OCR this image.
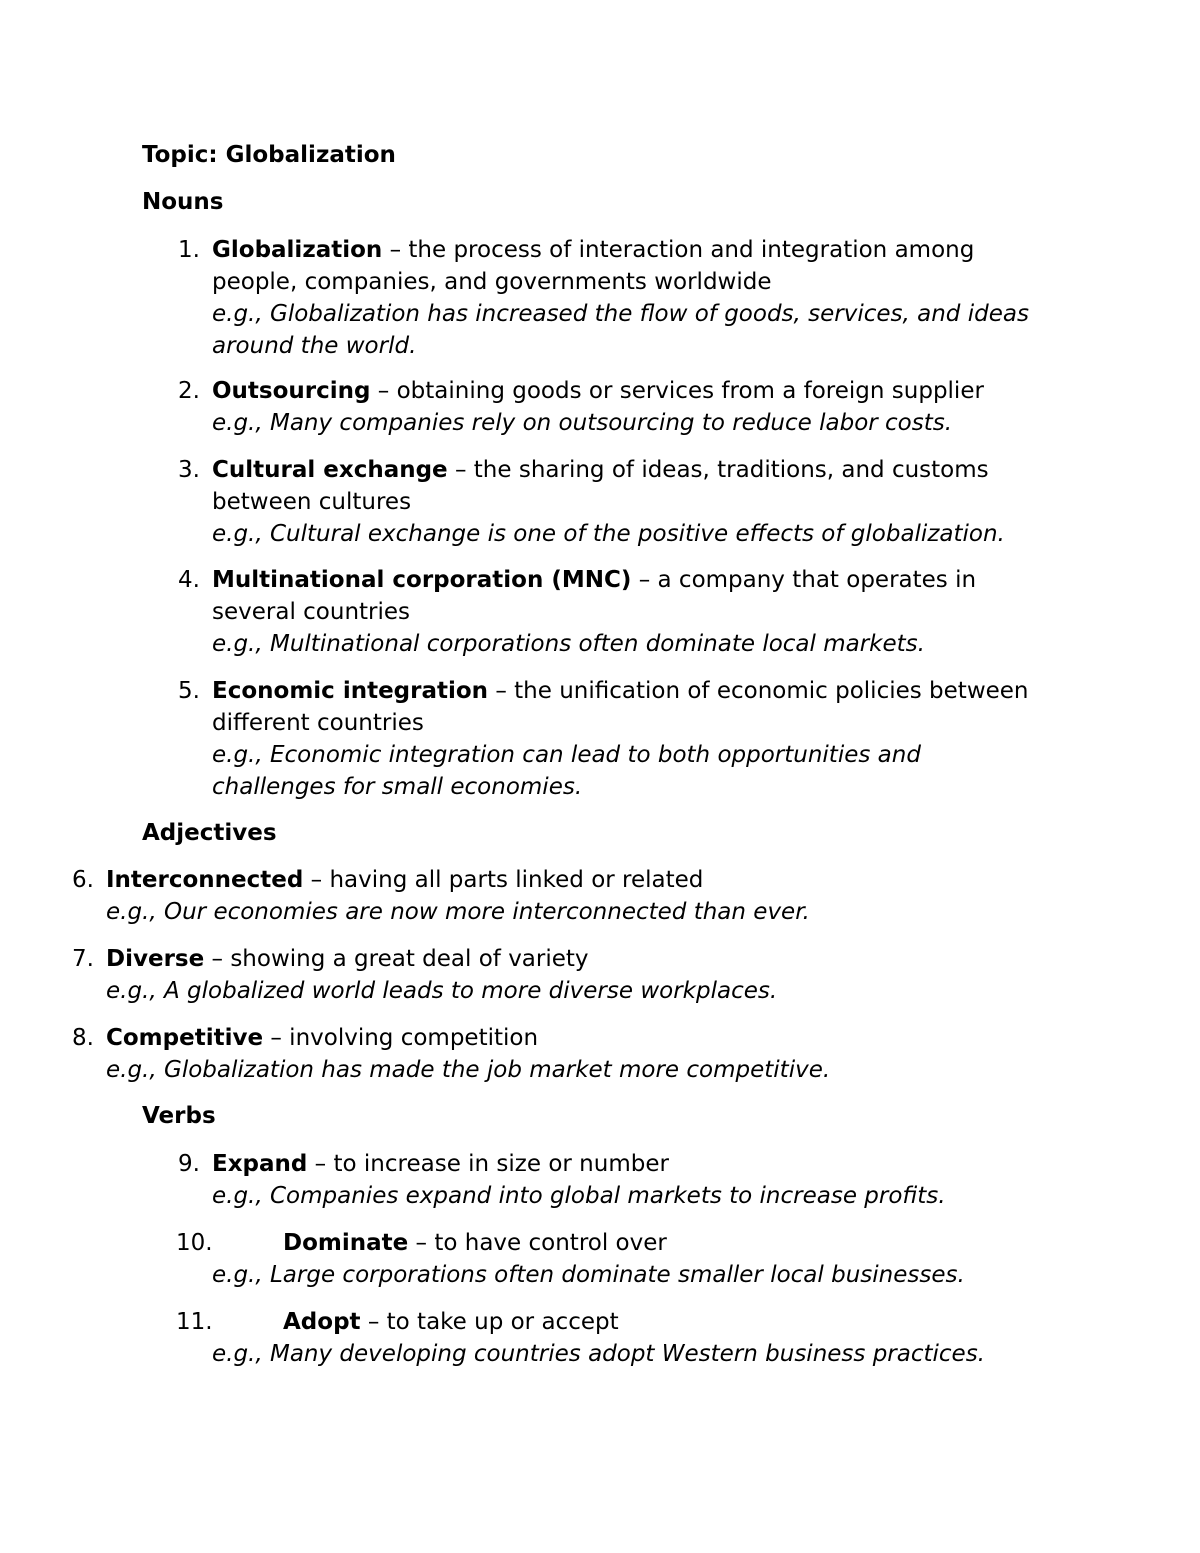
Topic: Globalization

Nouns

1. Globalization – the process of interaction and integration among
people, companies, and governments worldwide
e.g., Globalization has increased the flow of goods, services, and ideas
around the world.
2. Outsourcing – obtaining goods or services from a foreign supplier
e.g., Many companies rely on outsourcing to reduce labor costs.
3. Cultural exchange – the sharing of ideas, traditions, and customs
between cultures
e.g., Cultural exchange is one of the positive effects of globalization.
4. Multinational corporation (MNC) – a company that operates in
several countries
e.g., Multinational corporations often dominate local markets.
5. Economic integration – the unification of economic policies between
different countries
e.g., Economic integration can lead to both opportunities and
challenges for small economies.

Adjectives

6. Interconnected – having all parts linked or related
e.g., Our economies are now more interconnected than ever.
7. Diverse – showing a great deal of variety
e.g., A globalized world leads to more diverse workplaces.
8. Competitive – involving competition
e.g., Globalization has made the job market more competitive.

Verbs

9. Expand – to increase in size or number
e.g., Companies expand into global markets to increase profits.
10.	Dominate – to have control over
e.g., Large corporations often dominate smaller local businesses.
11.	Adopt – to take up or accept
e.g., Many developing countries adopt Western business practices.
